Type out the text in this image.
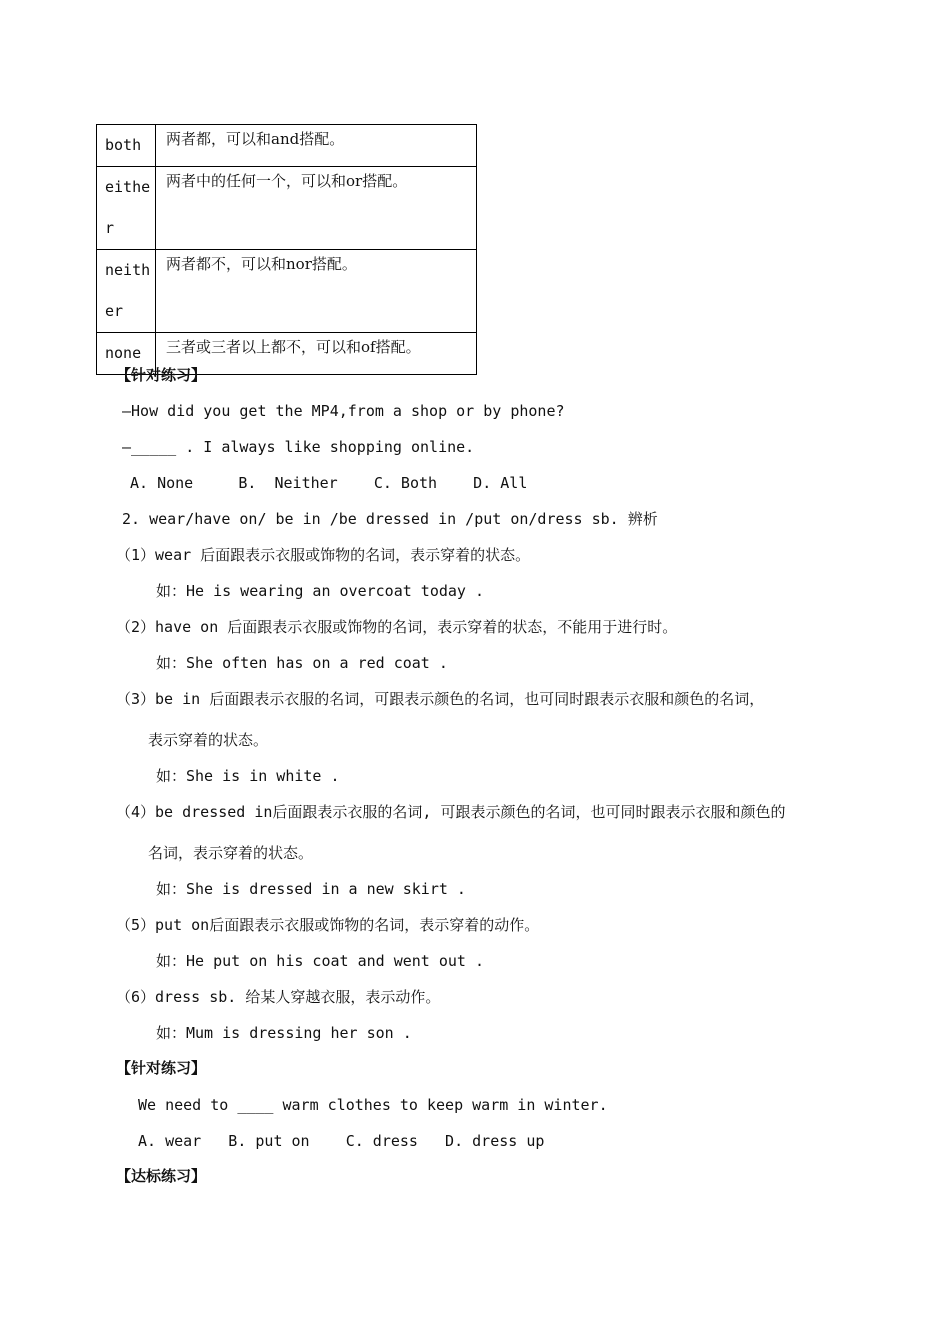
both	两者都，可以和and搭配。
either	两者中的任何一个，可以和or搭配。
neither	两者都不，可以和nor搭配。
none	三者或三者以上都不，可以和of搭配。
【针对练习】
—How did you get the MP4,from a shop or by phone?
—_____ . I always like shopping online.
A. None     B.  Neither    C. Both    D. All
2. wear/have on/ be in /be dressed in /put on/dress sb. 辨析
（1）wear 后面跟表示衣服或饰物的名词，表示穿着的状态。
如：He is wearing an overcoat today .
（2）have on 后面跟表示衣服或饰物的名词，表示穿着的状态，不能用于进行时。
如：She often has on a red coat .
（3）be in 后面跟表示衣服的名词，可跟表示颜色的名词，也可同时跟表示衣服和颜色的名词，
表示穿着的状态。
如：She is in white .
（4）be dressed in后面跟表示衣服的名词, 可跟表示颜色的名词，也可同时跟表示衣服和颜色的
名词，表示穿着的状态。
如：She is dressed in a new skirt .
（5）put on后面跟表示衣服或饰物的名词，表示穿着的动作。
如：He put on his coat and went out .
（6）dress sb. 给某人穿越衣服，表示动作。
如：Mum is dressing her son .
【针对练习】
We need to ____ warm clothes to keep warm in winter.
A. wear   B. put on    C. dress   D. dress up
【达标练习】
